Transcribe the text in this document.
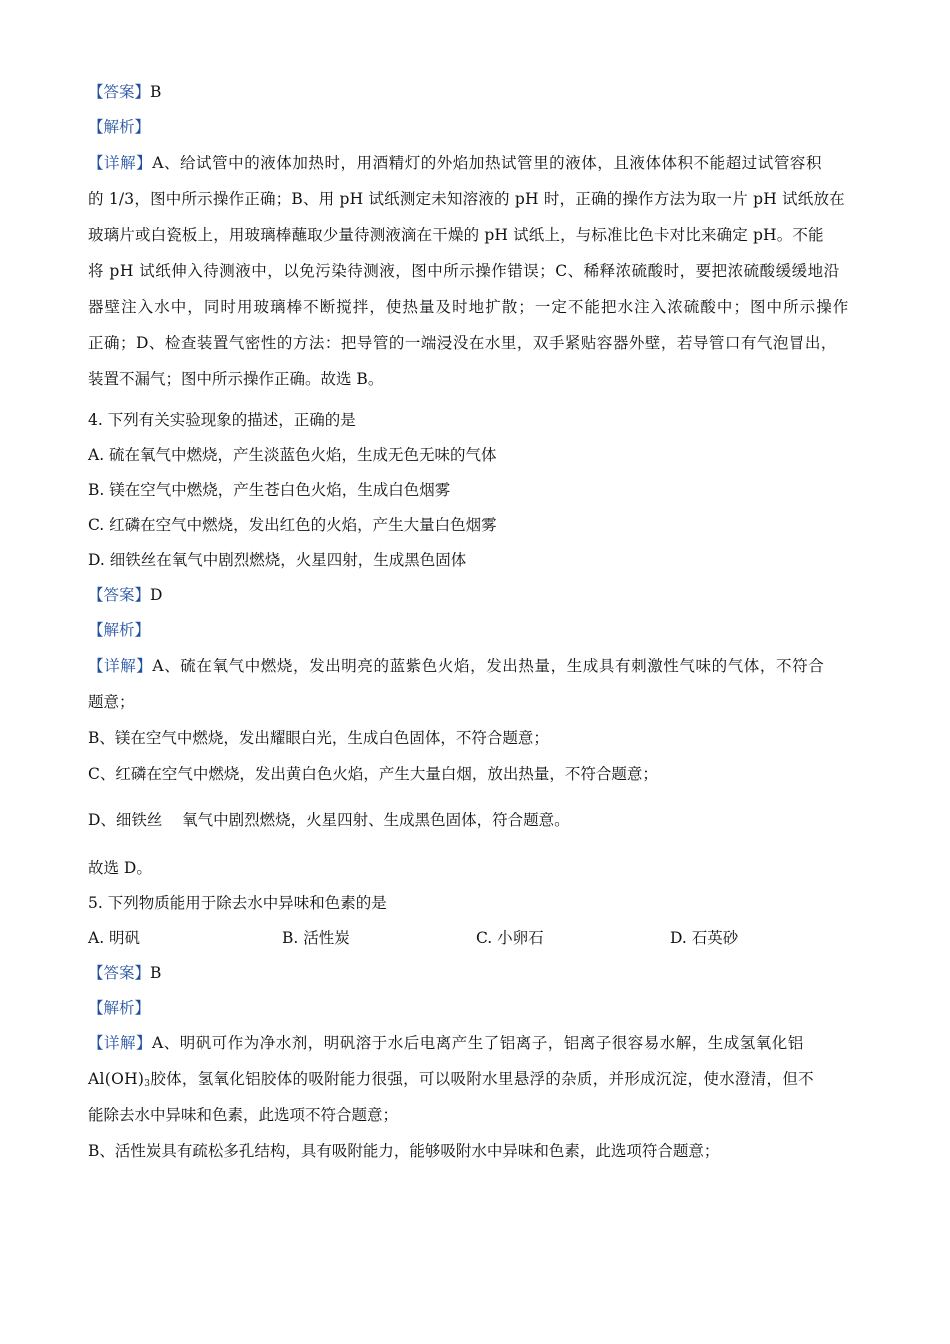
【答案】B
【解析】
【详解】A、给试管中的液体加热时，用酒精灯的外焰加热试管里的液体，且液体体积不能超过试管容积
的 1/3，图中所示操作正确；B、用 pH 试纸测定未知溶液的 pH 时，正确的操作方法为取一片 pH 试纸放在
玻璃片或白瓷板上，用玻璃棒蘸取少量待测液滴在干燥的 pH 试纸上，与标准比色卡对比来确定 pH。不能
将 pH 试纸伸入待测液中，以免污染待测液，图中所示操作错误；C、稀释浓硫酸时，要把浓硫酸缓缓地沿
器壁注入水中，同时用玻璃棒不断搅拌，使热量及时地扩散；一定不能把水注入浓硫酸中；图中所示操作
正确；D、检查装置气密性的方法：把导管的一端浸没在水里，双手紧贴容器外壁，若导管口有气泡冒出，
装置不漏气；图中所示操作正确。故选 B。
4. 下列有关实验现象的描述，正确的是
A. 硫在氧气中燃烧，产生淡蓝色火焰，生成无色无味的气体
B. 镁在空气中燃烧，产生苍白色火焰，生成白色烟雾
C. 红磷在空气中燃烧，发出红色的火焰，产生大量白色烟雾
D. 细铁丝在氧气中剧烈燃烧，火星四射，生成黑色固体
【答案】D
【解析】
【详解】A、硫在氧气中燃烧，发出明亮的蓝紫色火焰，发出热量，生成具有刺激性气味的气体，不符合
题意；
B、镁在空气中燃烧，发出耀眼白光，生成白色固体，不符合题意；
C、红磷在空气中燃烧，发出黄白色火焰，产生大量白烟，放出热量，不符合题意；
D、细铁丝    氧气中剧烈燃烧，火星四射、生成黑色固体，符合题意。
故选 D。
5. 下列物质能用于除去水中异味和色素的是
A. 明矾	B. 活性炭	C. 小卵石	D. 石英砂
【答案】B
【解析】
【详解】A、明矾可作为净水剂，明矾溶于水后电离产生了铝离子，铝离子很容易水解，生成氢氧化铝
$Al(OH)_3$胶体，氢氧化铝胶体的吸附能力很强，可以吸附水里悬浮的杂质，并形成沉淀，使水澄清，但不
能除去水中异味和色素，此选项不符合题意；
B、活性炭具有疏松多孔结构，具有吸附能力，能够吸附水中异味和色素，此选项符合题意；
